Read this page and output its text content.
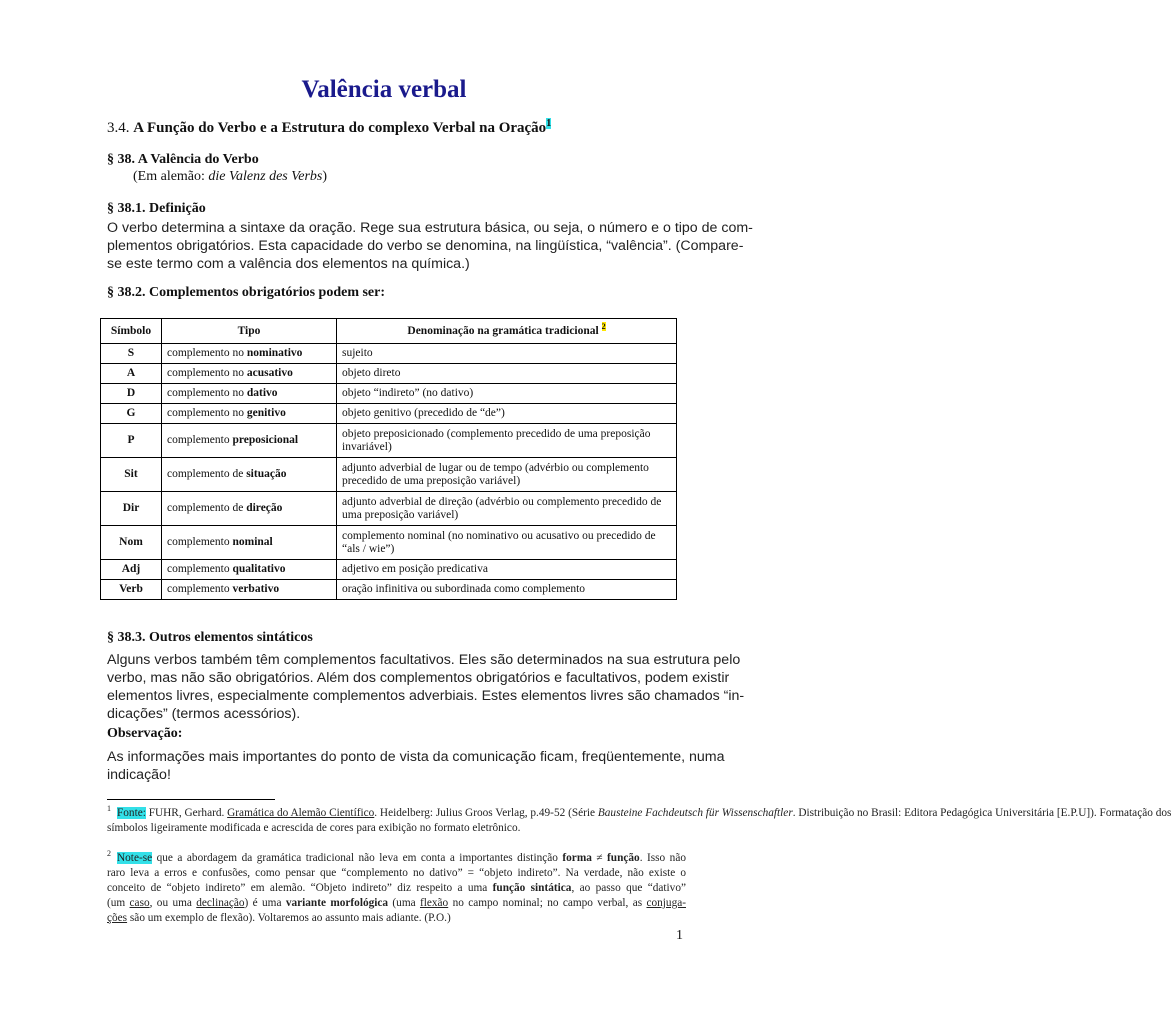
Valência verbal
3.4. A Função do Verbo e a Estrutura do complexo Verbal na Oração$^1$
§ 38. A Valência do Verbo
(Em alemão: die Valenz des Verbs)
§ 38.1. Definição
O verbo determina a sintaxe da oração. Rege sua estrutura básica, ou seja, o número e o tipo de com-
plementos obrigatórios. Esta capacidade do verbo se denomina, na lingüística, “valência”. (Compare-
se este termo com a valência dos elementos na química.)
§ 38.2. Complementos obrigatórios podem ser:
Símbolo	Tipo	Denominação na gramática tradicional $^2$
S	complemento no nominativo	sujeito
A	complemento no acusativo	objeto direto
D	complemento no dativo	objeto “indireto” (no dativo)
G	complemento no genitivo	objeto genitivo (precedido de “de”)
P	complemento preposicional	objeto preposicionado (complemento precedido de uma preposição invariável)
Sit	complemento de situação	adjunto adverbial de lugar ou de tempo (advérbio ou complemento precedido de uma preposição variável)
Dir	complemento de direção	adjunto adverbial de direção (advérbio ou complemento precedido de uma preposição variável)
Nom	complemento nominal	complemento nominal (no nominativo ou acusativo ou precedido de “als / wie”)
Adj	complemento qualitativo	adjetivo em posição predicativa
Verb	complemento verbativo	oração infinitiva ou subordinada como complemento
§ 38.3. Outros elementos sintáticos
Alguns verbos também têm complementos facultativos. Eles são determinados na sua estrutura pelo
verbo, mas não são obrigatórios. Além dos complementos obrigatórios e facultativos, podem existir
elementos livres, especialmente complementos adverbiais. Estes elementos livres são chamados “in-
dicações” (termos acessórios).
Observação:
As informações mais importantes do ponto de vista da comunicação ficam, freqüentemente, numa
indicação!
$^1$ Fonte: FUHR, Gerhard. Gramática do Alemão Científico. Heidelberg: Julius Groos Verlag, p.49-52 (Série Bausteine Fachdeutsch für Wissenschaftler. Distribuição no Brasil: Editora Pedagógica Universitária [E.P.U]). Formatação dos
símbolos ligeiramente modificada e acrescida de cores para exibição no formato eletrônico.
$^2$ Note-se que a abordagem da gramática tradicional não leva em conta a importantes distinção forma ≠ função. Isso não
raro leva a erros e confusões, como pensar que “complemento no dativo” = “objeto indireto”. Na verdade, não existe o
conceito de “objeto indireto” em alemão. “Objeto indireto” diz respeito a uma função sintática, ao passo que “dativo”
(um caso, ou uma declinação) é uma variante morfológica (uma flexão no campo nominal; no campo verbal, as conjuga-
ções são um exemplo de flexão). Voltaremos ao assunto mais adiante. (P.O.)
1
